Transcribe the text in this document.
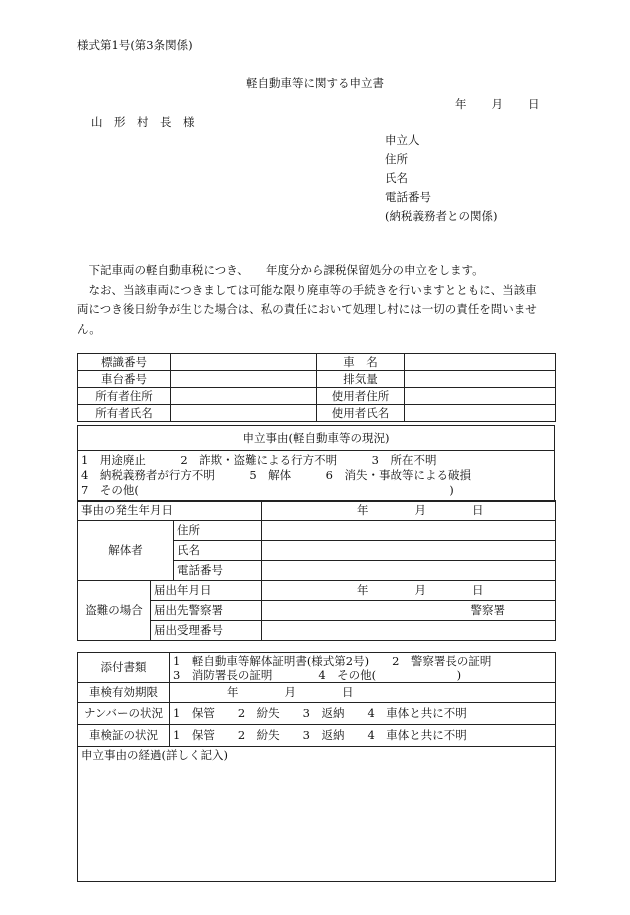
様式第1号(第3条関係)
軽自動車等に関する申立書
年 月 日
山　形　村　長　様
申立人
住所
氏名
電話番号
(納税義務者との関係)

下記車両の軽自動車税につき、　　年度分から課税保留処分の申立をします。

なお、当該車両につきましては可能な限り廃車等の手続きを行いますとともに、当該車両につき後日紛争が生じた場合は、私の責任において処理し村には一切の責任を問いません。

標識番号		車　名	
車台番号		排気量	
所有者住所		使用者住所	
所有者氏名		使用者氏名	
申立事由(軽自動車等の現況)

1　用途廃止　　　2　詐欺・盗難による行方不明　　　3　所在不明
4　納税義務者が行方不明　　　5　解体　　　6　消失・事故等による破損
7　その他(　　　　　　　　　　　　　　　　　　　　　　　　　　　)
事由の発生年月日			年　　　　月　　　　日
解体者		住所	
		氏名	
		電話番号	
盗難の場合	届出年月日		年　　　　月　　　　日
	届出先警察署		警察署
	届出受理番号		
添付書類	1　軽自動車等解体証明書(様式第2号)　　2　警察署長の証明
3　消防署長の証明　　　　4　その他(　　　　　　　)

車検有効期限	年　　　　月　　　　日
ナンバーの状況	1　保管　　2　紛失　　3　返納　　4　車体と共に不明
車検証の状況	1　保管　　2　紛失　　3　返納　　4　車体と共に不明

申立事由の経過(詳しく記入)	
